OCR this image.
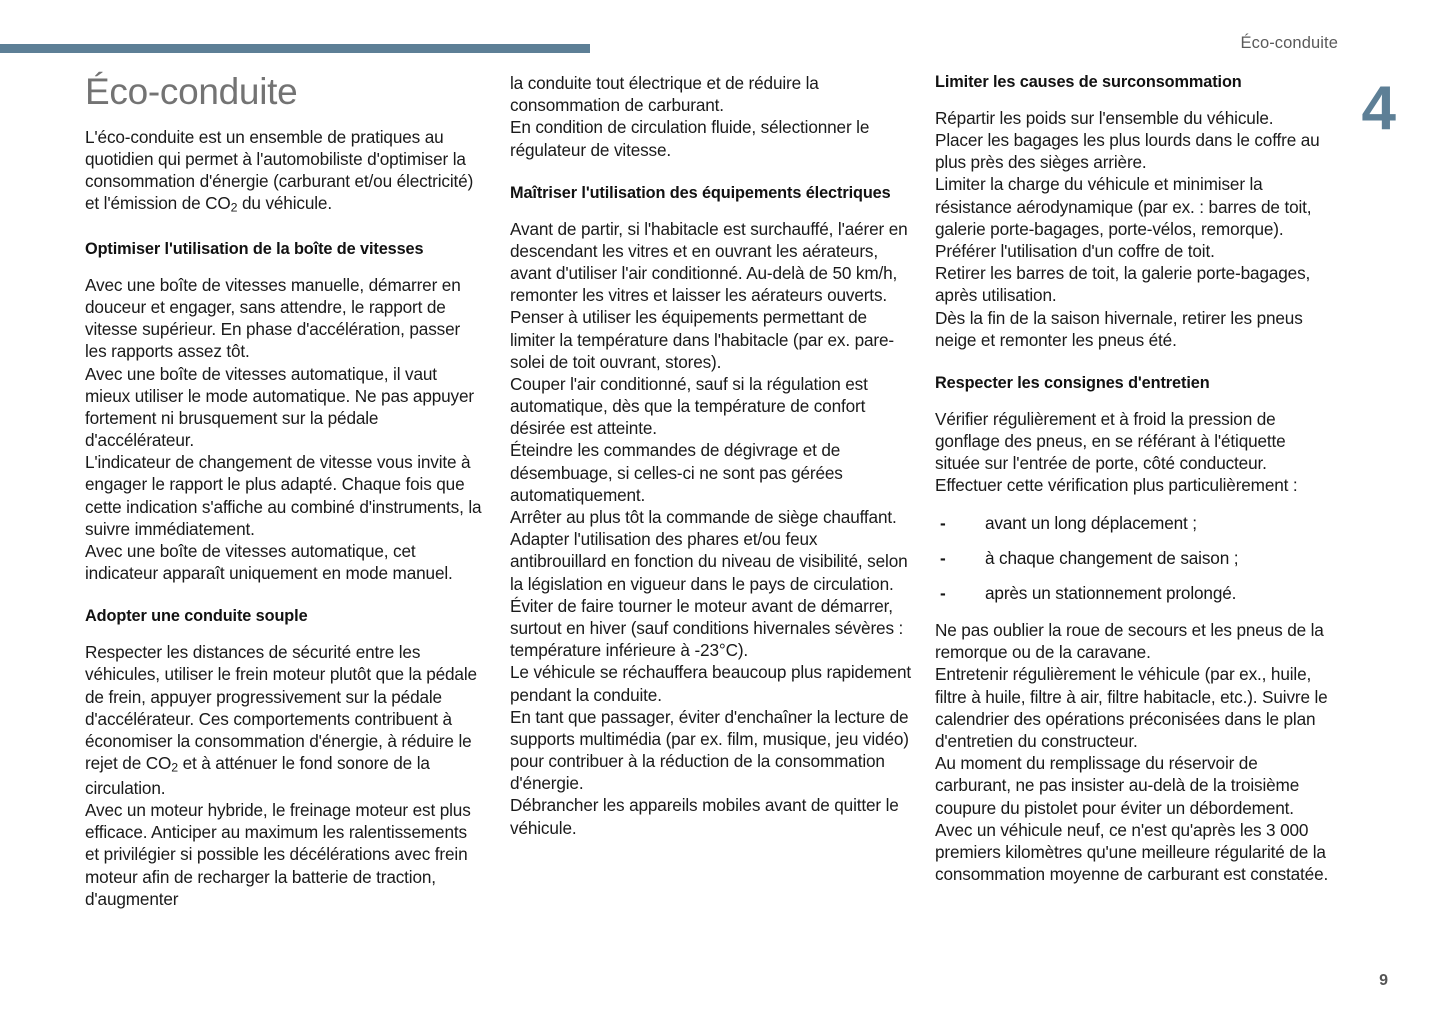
Éco-conduite
4
9
Éco-conduite

L'éco-conduite est un ensemble de pratiques au quotidien qui permet à l'automobiliste d'optimiser la consommation d'énergie (carburant et/ou électricité) et l'émission de $CO_2$ du véhicule.

Optimiser l'utilisation de la boîte de vitesses

Avec une boîte de vitesses manuelle, démarrer en douceur et engager, sans attendre, le rapport de vitesse supérieur. En phase d'accélération, passer les rapports assez tôt.

Avec une boîte de vitesses automatique, il vaut mieux utiliser le mode automatique. Ne pas appuyer fortement ni brusquement sur la pédale d'accélérateur.

L'indicateur de changement de vitesse vous invite à engager le rapport le plus adapté. Chaque fois que cette indication s'affiche au combiné d'instruments, la suivre immédiatement.

Avec une boîte de vitesses automatique, cet indicateur apparaît uniquement en mode manuel.

Adopter une conduite souple

Respecter les distances de sécurité entre les véhicules, utiliser le frein moteur plutôt que la pédale de frein, appuyer progressivement sur la pédale d'accélérateur. Ces comportements contribuent à économiser la consommation d'énergie, à réduire le rejet de $CO_2$ et à atténuer le fond sonore de la circulation.

Avec un moteur hybride, le freinage moteur est plus efficace. Anticiper au maximum les ralentissements et privilégier si possible les décélérations avec frein moteur afin de recharger la batterie de traction, d'augmenter

la conduite tout électrique et de réduire la consommation de carburant.

En condition de circulation fluide, sélectionner le régulateur de vitesse.

Maîtriser l'utilisation des équipements électriques

Avant de partir, si l'habitacle est surchauffé, l'aérer en descendant les vitres et en ouvrant les aérateurs, avant d'utiliser l'air conditionné. Au-delà de 50 km/h, remonter les vitres et laisser les aérateurs ouverts.

Penser à utiliser les équipements permettant de limiter la température dans l'habitacle (par ex. pare-solei de toit ouvrant, stores).

Couper l'air conditionné, sauf si la régulation est automatique, dès que la température de confort désirée est atteinte.

Éteindre les commandes de dégivrage et de désembuage, si celles-ci ne sont pas gérées automatiquement.

Arrêter au plus tôt la commande de siège chauffant.

Adapter l'utilisation des phares et/ou feux antibrouillard en fonction du niveau de visibilité, selon la législation en vigueur dans le pays de circulation.

Éviter de faire tourner le moteur avant de démarrer, surtout en hiver (sauf conditions hivernales sévères : température inférieure à -23°C).

Le véhicule se réchauffera beaucoup plus rapidement pendant la conduite.

En tant que passager, éviter d'enchaîner la lecture de supports multimédia (par ex. film, musique, jeu vidéo) pour contribuer à la réduction de la consommation d'énergie.

Débrancher les appareils mobiles avant de quitter le véhicule.

Limiter les causes de surconsommation

Répartir les poids sur l'ensemble du véhicule.

Placer les bagages les plus lourds dans le coffre au plus près des sièges arrière.

Limiter la charge du véhicule et minimiser la résistance aérodynamique (par ex. : barres de toit, galerie porte-bagages, porte-vélos, remorque). Préférer l'utilisation d'un coffre de toit.

Retirer les barres de toit, la galerie porte-bagages, après utilisation.

Dès la fin de la saison hivernale, retirer les pneus neige et remonter les pneus été.

Respecter les consignes d'entretien

Vérifier régulièrement et à froid la pression de gonflage des pneus, en se référant à l'étiquette située sur l'entrée de porte, côté conducteur. Effectuer cette vérification plus particulièrement :

- avant un long déplacement ;
- à chaque changement de saison ;
- après un stationnement prolongé.

Ne pas oublier la roue de secours et les pneus de la remorque ou de la caravane.

Entretenir régulièrement le véhicule (par ex., huile, filtre à huile, filtre à air, filtre habitacle, etc.). Suivre le calendrier des opérations préconisées dans le plan d'entretien du constructeur.

Au moment du remplissage du réservoir de carburant, ne pas insister au-delà de la troisième coupure du pistolet pour éviter un débordement.

Avec un véhicule neuf, ce n'est qu'après les 3 000 premiers kilomètres qu'une meilleure régularité de la consommation moyenne de carburant est constatée.
